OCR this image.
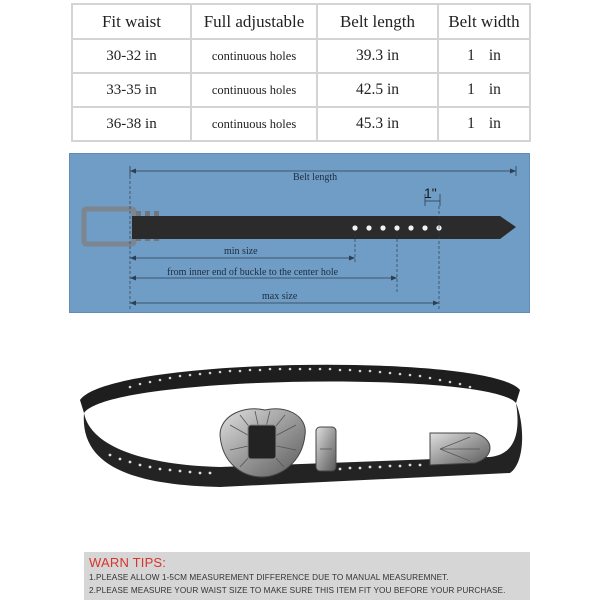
Fit waist	Full adjustable	Belt length	Belt width
30-32 in	continuous holes	39.3 in	1 in
33-35 in	continuous holes	42.5 in	1 in
36-38 in	continuous holes	45.3 in	1 in
Belt length
1"
min size
from inner end of buckle to the center hole
max size
WARN TIPS:
1.PLEASE ALLOW 1-5CM MEASUREMENT DIFFERENCE DUE TO MANUAL MEASUREMNET.
2.PLEASE MEASURE YOUR WAIST SIZE TO MAKE SURE THIS ITEM FIT YOU BEFORE YOUR PURCHASE.
